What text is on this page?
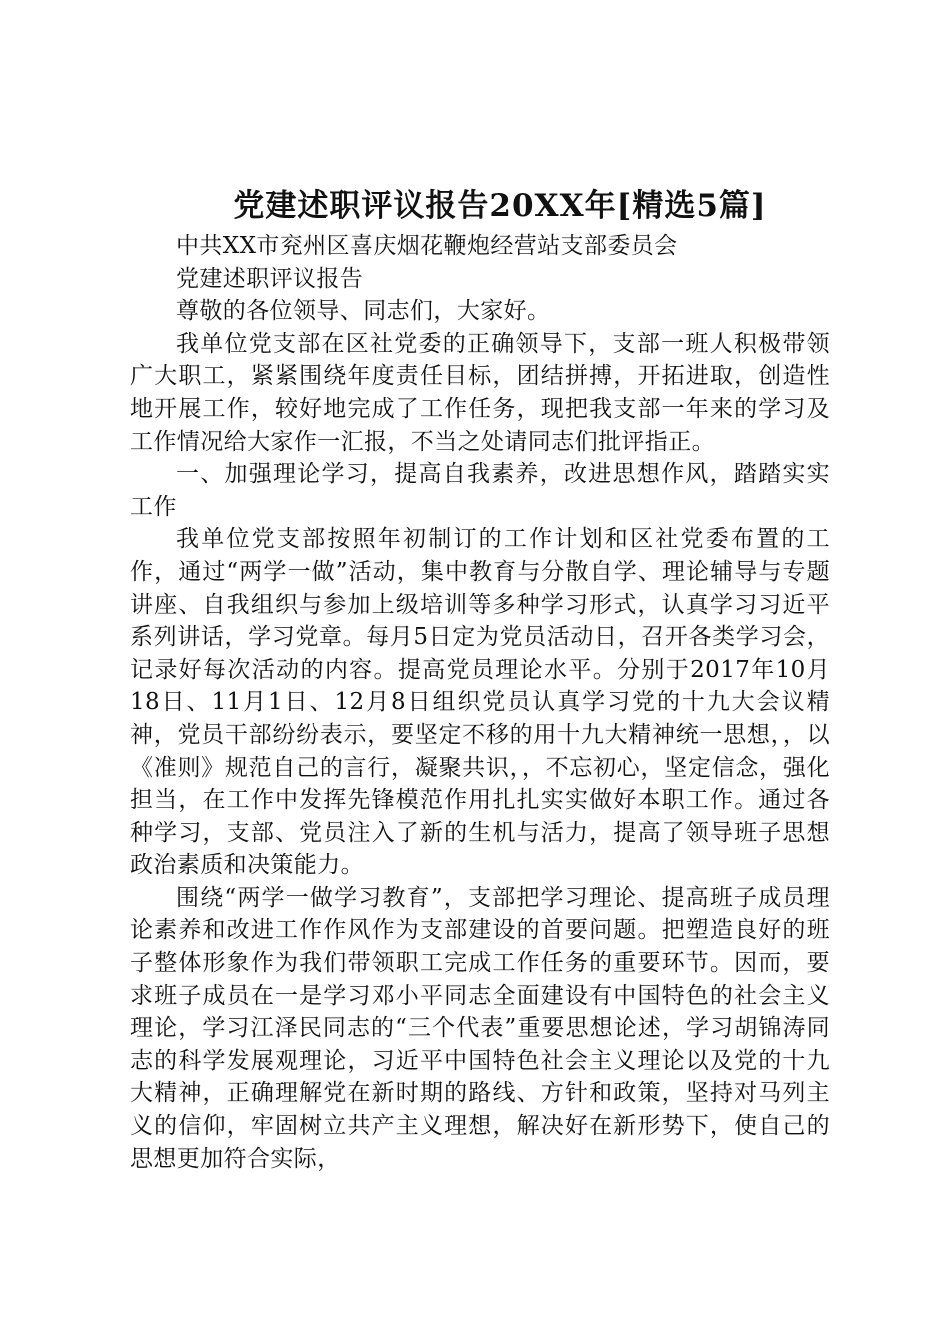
党建述职评议报告20XX年[精选5篇]

中共XX市兖州区喜庆烟花鞭炮经营站支部委员会

党建述职评议报告

尊敬的各位领导、同志们，大家好。

我单位党支部在区社党委的正确领导下，支部一班人积极带领广大职工，紧紧围绕年度责任目标，团结拼搏，开拓进取，创造性地开展工作，较好地完成了工作任务，现把我支部一年来的学习及工作情况给大家作一汇报，不当之处请同志们批评指正。

一、加强理论学习，提高自我素养，改进思想作风，踏踏实实工作

我单位党支部按照年初制订的工作计划和区社党委布置的工作，通过“两学一做”活动，集中教育与分散自学、理论辅导与专题讲座、自我组织与参加上级培训等多种学习形式，认真学习习近平系列讲话，学习党章。每月5日定为党员活动日，召开各类学习会，记录好每次活动的内容。提高党员理论水平。分别于2017年10月18日、11月1日、12月8日组织党员认真学习党的十九大会议精神，党员干部纷纷表示，要坚定不移的用十九大精神统一思想，，以《准则》规范自己的言行，凝聚共识，，不忘初心，坚定信念，强化担当，在工作中发挥先锋模范作用扎扎实实做好本职工作。通过各种学习，支部、党员注入了新的生机与活力，提高了领导班子思想政治素质和决策能力。

围绕“两学一做学习教育”，支部把学习理论、提高班子成员理论素养和改进工作作风作为支部建设的首要问题。把塑造良好的班子整体形象作为我们带领职工完成工作任务的重要环节。因而，要求班子成员在一是学习邓小平同志全面建设有中国特色的社会主义理论，学习江泽民同志的“三个代表”重要思想论述，学习胡锦涛同志的科学发展观理论，习近平中国特色社会主义理论以及党的十九大精神，正确理解党在新时期的路线、方针和政策，坚持对马列主义的信仰，牢固树立共产主义理想，解决好在新形势下，使自己的思想更加符合实际，
